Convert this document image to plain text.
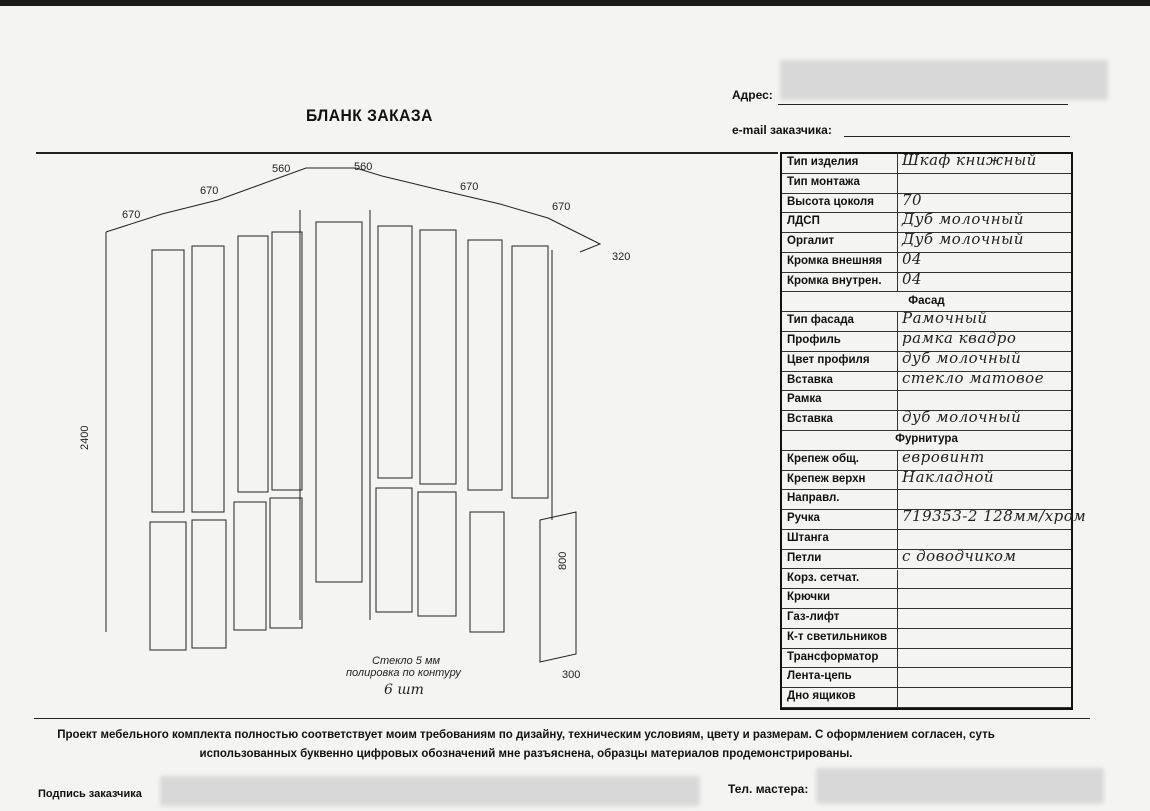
БЛАНК ЗАКАЗА
Адрес:
e-mail заказчика:
Тип изделия	Шкаф книжный
Тип монтажа
Высота цоколя	70
ЛДСП	Дуб молочный
Оргалит	Дуб молочный
Кромка внешняя	04
Кромка внутрен.	04
Фасад
Тип фасада	Рамочный
Профиль	рамка квадро
Цвет профиля	дуб молочный
Вставка	стекло матовое
Рамка
Вставка	дуб молочный
Фурнитура
Крепеж общ.	евровинт
Крепеж верхн	Накладной
Направл.
Ручка	719353-2 128мм/хром
Штанга
Петли	с доводчиком
Корз. сетчат.
Крючки
Газ-лифт
К-т светильников
Трансформатор
Лента-цепь
Дно ящиков
670
670
560	560
670
670
320
2400
800
300
Стекло 5 мм
полировка по контуру
6 шт
Проект мебельного комплекта полностью соответствует моим требованиям по дизайну, техническим условиям, цвету и размерам. С оформлением согласен, суть использованных буквенно цифровых обозначений мне разъяснена, образцы материалов продемонстрированы.
Подпись заказчика	Тел. мастера:
